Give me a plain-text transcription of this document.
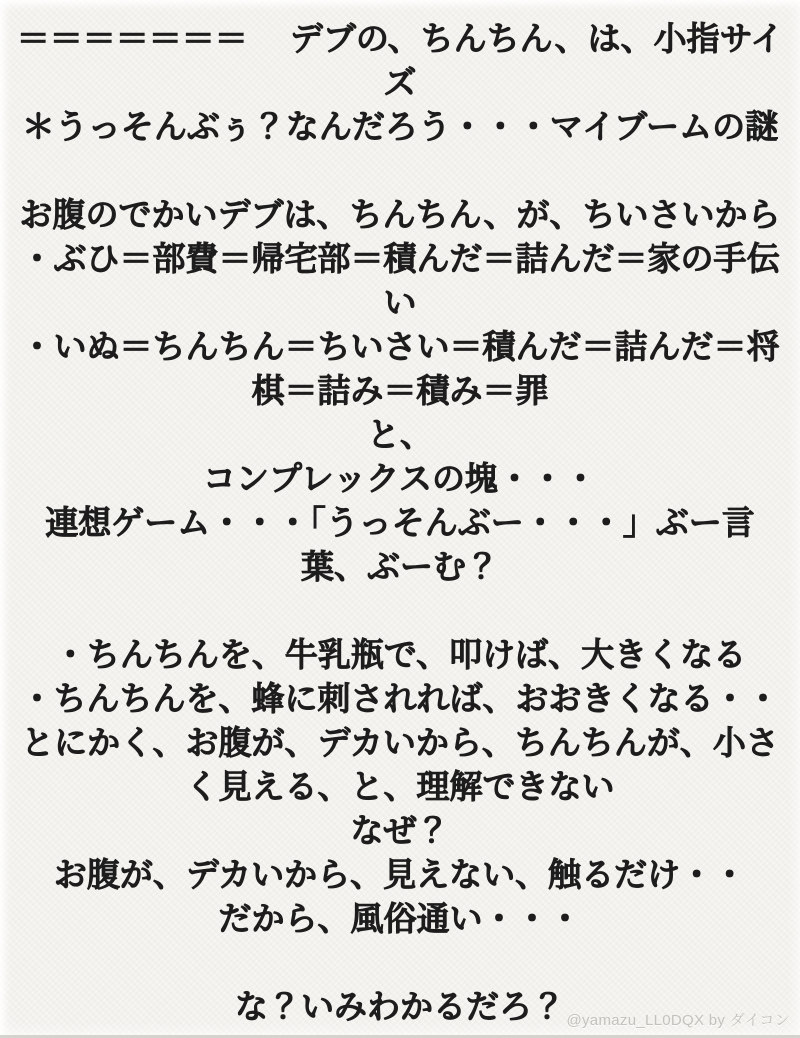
＝＝＝＝＝＝＝　 デブの、ちんちん、は、小指サイ
ズ
＊うっそんぶぅ？なんだろう・・・マイブームの謎
お腹のでかいデブは、ちんちん、が、ちいさいから
・ぶひ＝部費＝帰宅部＝積んだ＝詰んだ＝家の手伝
い
・いぬ＝ちんちん＝ちいさい＝積んだ＝詰んだ＝将
棋＝詰み＝積み＝罪
と、
コンプレックスの塊・・・
連想ゲーム・・・「うっそんぶー・・・」ぶー言
葉、ぶーむ？
・ちんちんを、牛乳瓶で、叩けば、大きくなる
・ちんちんを、蜂に刺されれば、おおきくなる・・
とにかく、お腹が、デカいから、ちんちんが、小さ
く見える、と、理解できない
なぜ？
お腹が、デカいから、見えない、触るだけ・・
だから、風俗通い・・・
な？いみわかるだろ？ @yamazu_LL0DQX by ダイコン
